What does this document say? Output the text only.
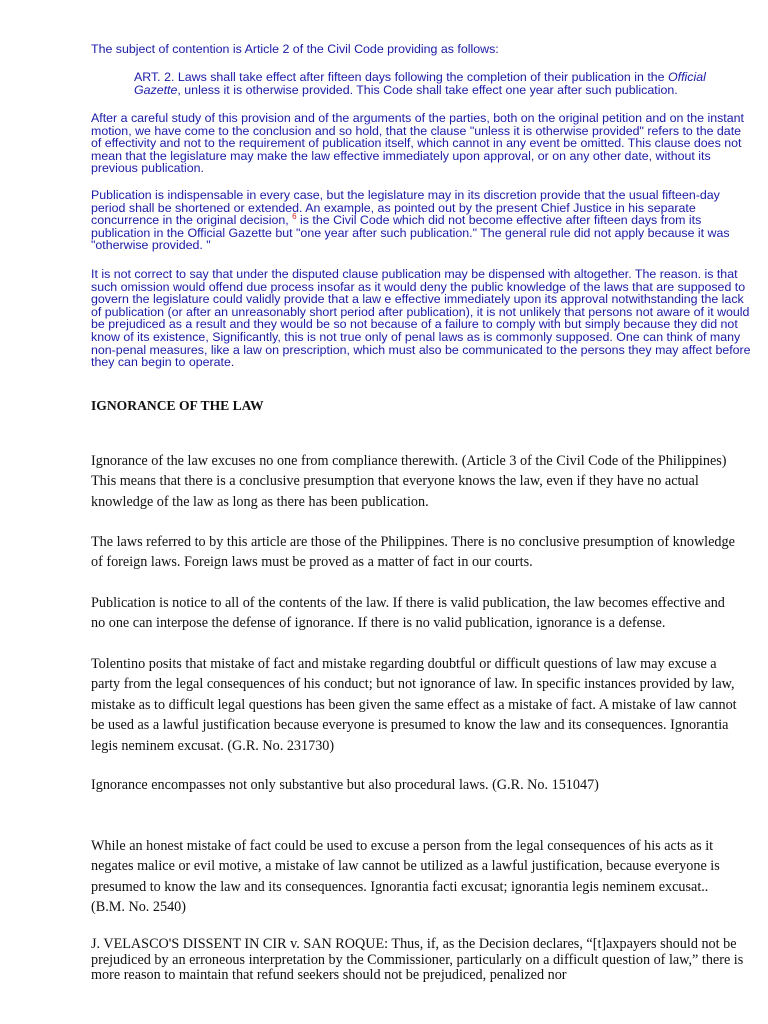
The subject of contention is Article 2 of the Civil Code providing as follows:

ART. 2. Laws shall take effect after fifteen days following the completion of their publication in the Official Gazette, unless it is otherwise provided. This Code shall take effect one year after such publication.

After a careful study of this provision and of the arguments of the parties, both on the original petition and on the instant motion, we have come to the conclusion and so hold, that the clause "unless it is otherwise provided" refers to the date of effectivity and not to the requirement of publication itself, which cannot in any event be omitted. This clause does not mean that the legislature may make the law effective immediately upon approval, or on any other date, without its previous publication.

Publication is indispensable in every case, but the legislature may in its discretion provide that the usual fifteen-day period shall be shortened or extended. An example, as pointed out by the present Chief Justice in his separate concurrence in the original decision, $^6$ is the Civil Code which did not become effective after fifteen days from its publication in the Official Gazette but "one year after such publication." The general rule did not apply because it was "otherwise provided. "

It is not correct to say that under the disputed clause publication may be dispensed with altogether. The reason. is that such omission would offend due process insofar as it would deny the public knowledge of the laws that are supposed to govern the legislature could validly provide that a law e effective immediately upon its approval notwithstanding the lack of publication (or after an unreasonably short period after publication), it is not unlikely that persons not aware of it would be prejudiced as a result and they would be so not because of a failure to comply with but simply because they did not know of its existence, Significantly, this is not true only of penal laws as is commonly supposed. One can think of many non-penal measures, like a law on prescription, which must also be communicated to the persons they may affect before they can begin to operate.

IGNORANCE OF THE LAW

Ignorance of the law excuses no one from compliance therewith. (Article 3 of the Civil Code of the Philippines) This means that there is a conclusive presumption that everyone knows the law, even if they have no actual knowledge of the law as long as there has been publication.

The laws referred to by this article are those of the Philippines. There is no conclusive presumption of knowledge of foreign laws. Foreign laws must be proved as a matter of fact in our courts.

Publication is notice to all of the contents of the law. If there is valid publication, the law becomes effective and no one can interpose the defense of ignorance. If there is no valid publication, ignorance is a defense.

Tolentino posits that mistake of fact and mistake regarding doubtful or difficult questions of law may excuse a party from the legal consequences of his conduct; but not ignorance of law. In specific instances provided by law, mistake as to difficult legal questions has been given the same effect as a mistake of fact. A mistake of law cannot be used as a lawful justification because everyone is presumed to know the law and its consequences. Ignorantia legis neminem excusat. (G.R. No. 231730)

Ignorance encompasses not only substantive but also procedural laws. (G.R. No. 151047)

While an honest mistake of fact could be used to excuse a person from the legal consequences of his acts as it negates malice or evil motive, a mistake of law cannot be utilized as a lawful justification, because everyone is presumed to know the law and its consequences. Ignorantia facti excusat; ignorantia legis neminem excusat.. (B.M. No. 2540)

J. VELASCO'S DISSENT IN CIR v. SAN ROQUE: Thus, if, as the Decision declares, “[t]axpayers should not be prejudiced by an erroneous interpretation by the Commissioner, particularly on a difficult question of law,” there is more reason to maintain that refund seekers should not be prejudiced, penalized nor
